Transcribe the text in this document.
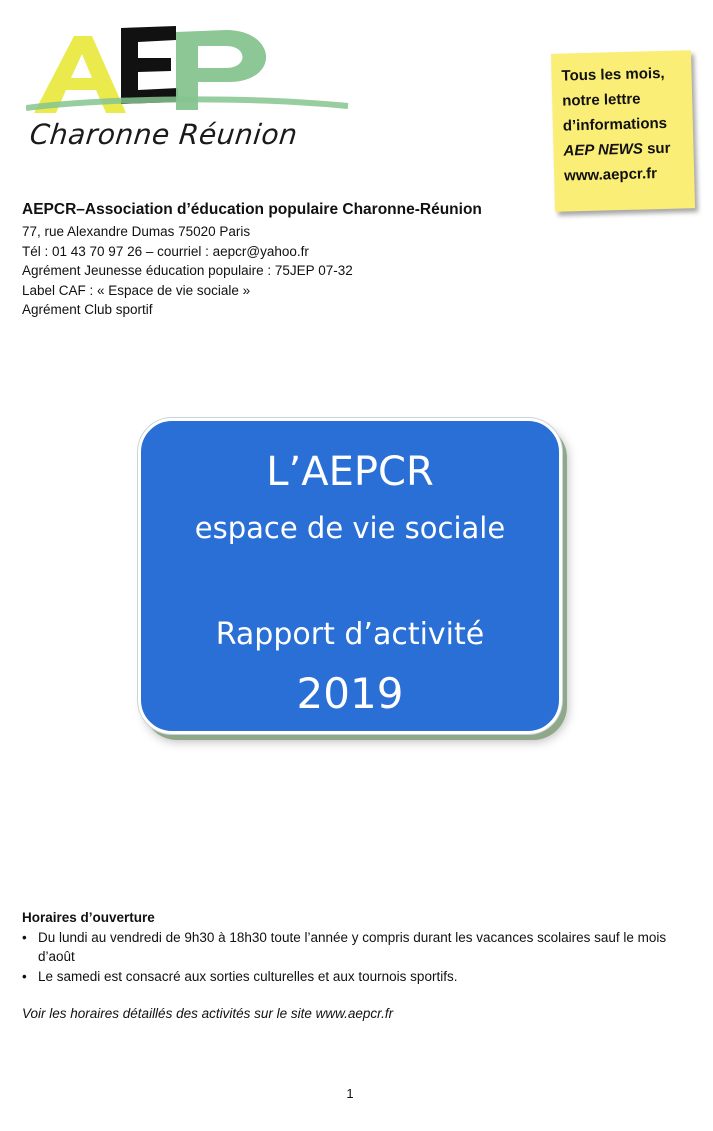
Charonne Réunion
Tous les mois,
notre lettre
d’informations
AEP NEWS sur
www.aepcr.fr
AEPCR–Association d’éducation populaire Charonne-Réunion
77, rue Alexandre Dumas 75020 Paris
Tél : 01 43 70 97 26 – courriel : aepcr@yahoo.fr
Agrément Jeunesse éducation populaire : 75JEP 07-32
Label CAF : « Espace de vie sociale »
Agrément Club sportif
L’AEPCR
espace de vie sociale
Rapport d’activité
2019
Horaires d’ouverture
• Du lundi au vendredi de 9h30 à 18h30 toute l’année y compris durant les vacances scolaires sauf le mois d’août
• Le samedi est consacré aux sorties culturelles et aux tournois sportifs.
Voir les horaires détaillés des activités sur le site www.aepcr.fr
1
